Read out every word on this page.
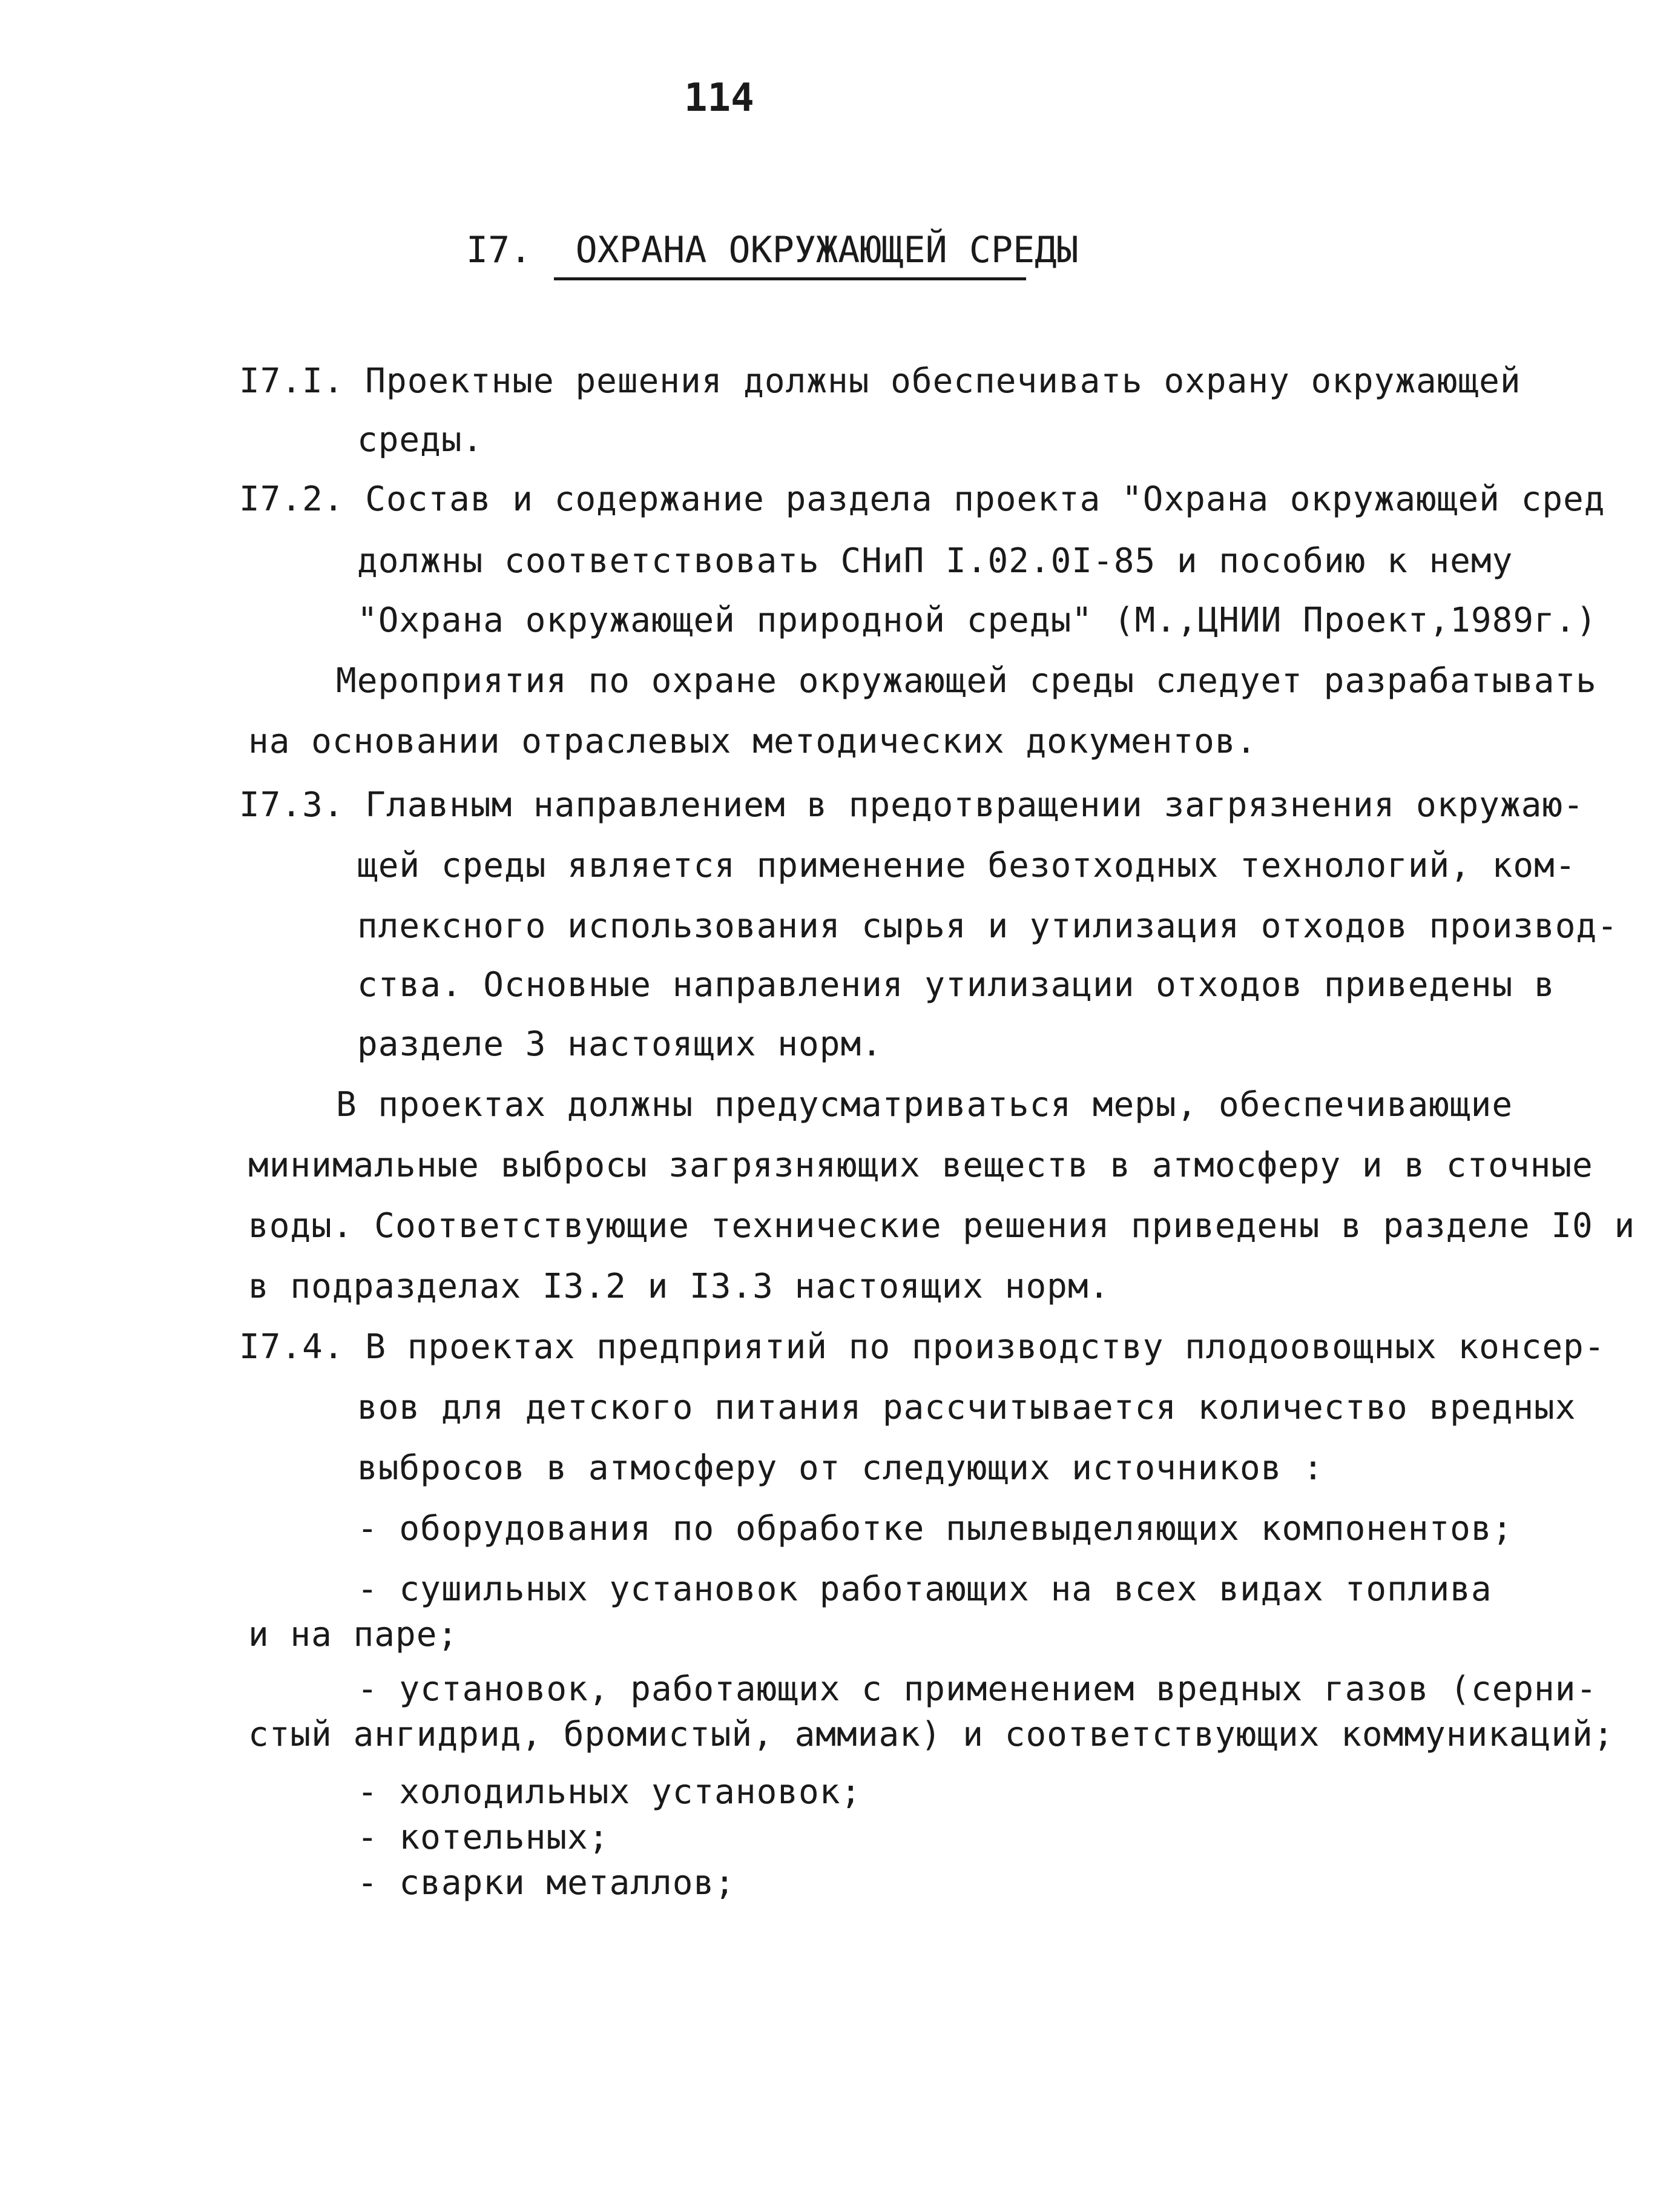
114
I7. ОХРАНА ОКРУЖАЮЩЕЙ СРЕДЫ
I7.I. Проектные решения должны обеспечивать охрану окружающей
среды.
I7.2. Состав и содержание раздела проекта "Охрана окружающей сред
должны соответствовать СНиП I.02.0I-85 и пособию к нему
"Охрана окружающей природной среды" (М.,ЦНИИ Проект,1989г.)
Мероприятия по охране окружающей среды следует разрабатывать
на основании отраслевых методических документов.
I7.3. Главным направлением в предотвращении загрязнения окружаю-
щей среды является применение безотходных технологий, ком-
плексного использования сырья и утилизация отходов производ-
ства. Основные направления утилизации отходов приведены в
разделе 3 настоящих норм.
В проектах должны предусматриваться меры, обеспечивающие
минимальные выбросы загрязняющих веществ в атмосферу и в сточные
воды. Соответствующие технические решения приведены в разделе I0 и
в подразделах I3.2 и I3.3 настоящих норм.
I7.4. В проектах предприятий по производству плодоовощных консер-
вов для детского питания рассчитывается количество вредных
выбросов в атмосферу от следующих источников :
- оборудования по обработке пылевыделяющих компонентов;
- сушильных установок работающих на всех видах топлива
и на паре;
- установок, работающих с применением вредных газов (серни-
стый ангидрид, бромистый, аммиак) и соответствующих коммуникаций;
- холодильных установок;
- котельных;
- сварки металлов;
